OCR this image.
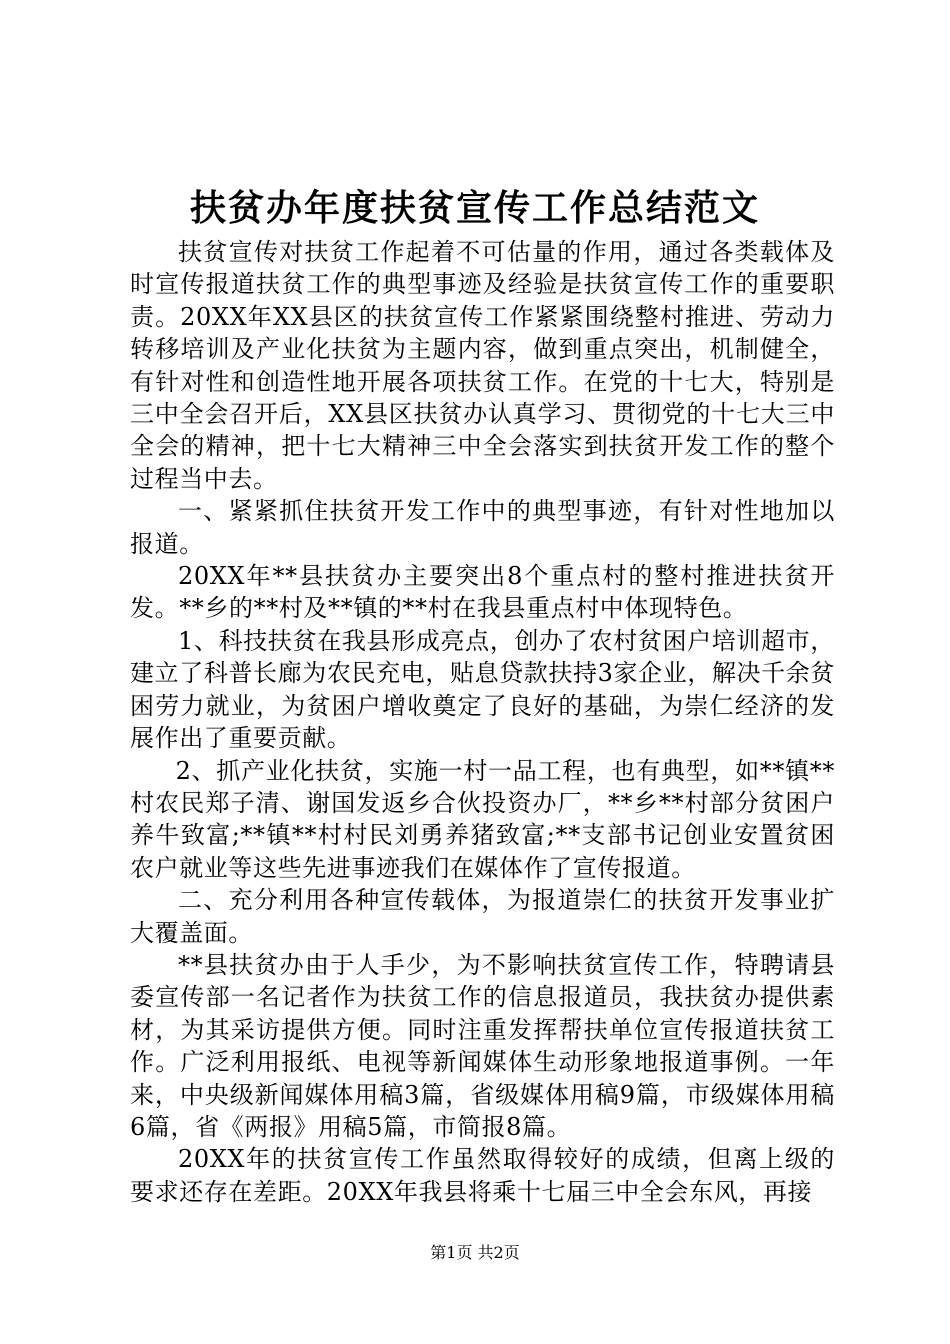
扶贫办年度扶贫宣传工作总结范文

扶贫宣传对扶贫工作起着不可估量的作用，通过各类载体及时宣传报道扶贫工作的典型事迹及经验是扶贫宣传工作的重要职责。20XX年XX县区的扶贫宣传工作紧紧围绕整村推进、劳动力转移培训及产业化扶贫为主题内容，做到重点突出，机制健全，有针对性和创造性地开展各项扶贫工作。在党的十七大，特别是三中全会召开后，XX县区扶贫办认真学习、贯彻党的十七大三中全会的精神，把十七大精神三中全会落实到扶贫开发工作的整个过程当中去。

一、紧紧抓住扶贫开发工作中的典型事迹，有针对性地加以报道。

20XX年**县扶贫办主要突出8个重点村的整村推进扶贫开发。**乡的**村及**镇的**村在我县重点村中体现特色。

1、科技扶贫在我县形成亮点，创办了农村贫困户培训超市，建立了科普长廊为农民充电，贴息贷款扶持3家企业，解决千余贫困劳力就业，为贫困户增收奠定了良好的基础，为崇仁经济的发展作出了重要贡献。

2、抓产业化扶贫，实施一村一品工程，也有典型，如**镇**村农民郑子清、谢国发返乡合伙投资办厂，**乡**村部分贫困户养牛致富;**镇**村村民刘勇养猪致富;**支部书记创业安置贫困农户就业等这些先进事迹我们在媒体作了宣传报道。

二、充分利用各种宣传载体，为报道崇仁的扶贫开发事业扩大覆盖面。

**县扶贫办由于人手少，为不影响扶贫宣传工作，特聘请县委宣传部一名记者作为扶贫工作的信息报道员，我扶贫办提供素材，为其采访提供方便。同时注重发挥帮扶单位宣传报道扶贫工作。广泛利用报纸、电视等新闻媒体生动形象地报道事例。一年来，中央级新闻媒体用稿3篇，省级媒体用稿9篇，市级媒体用稿6篇，省《两报》用稿5篇，市简报8篇。

20XX年的扶贫宣传工作虽然取得较好的成绩，但离上级的要求还存在差距。20XX年我县将乘十七届三中全会东风，再接

第1页 共2页
